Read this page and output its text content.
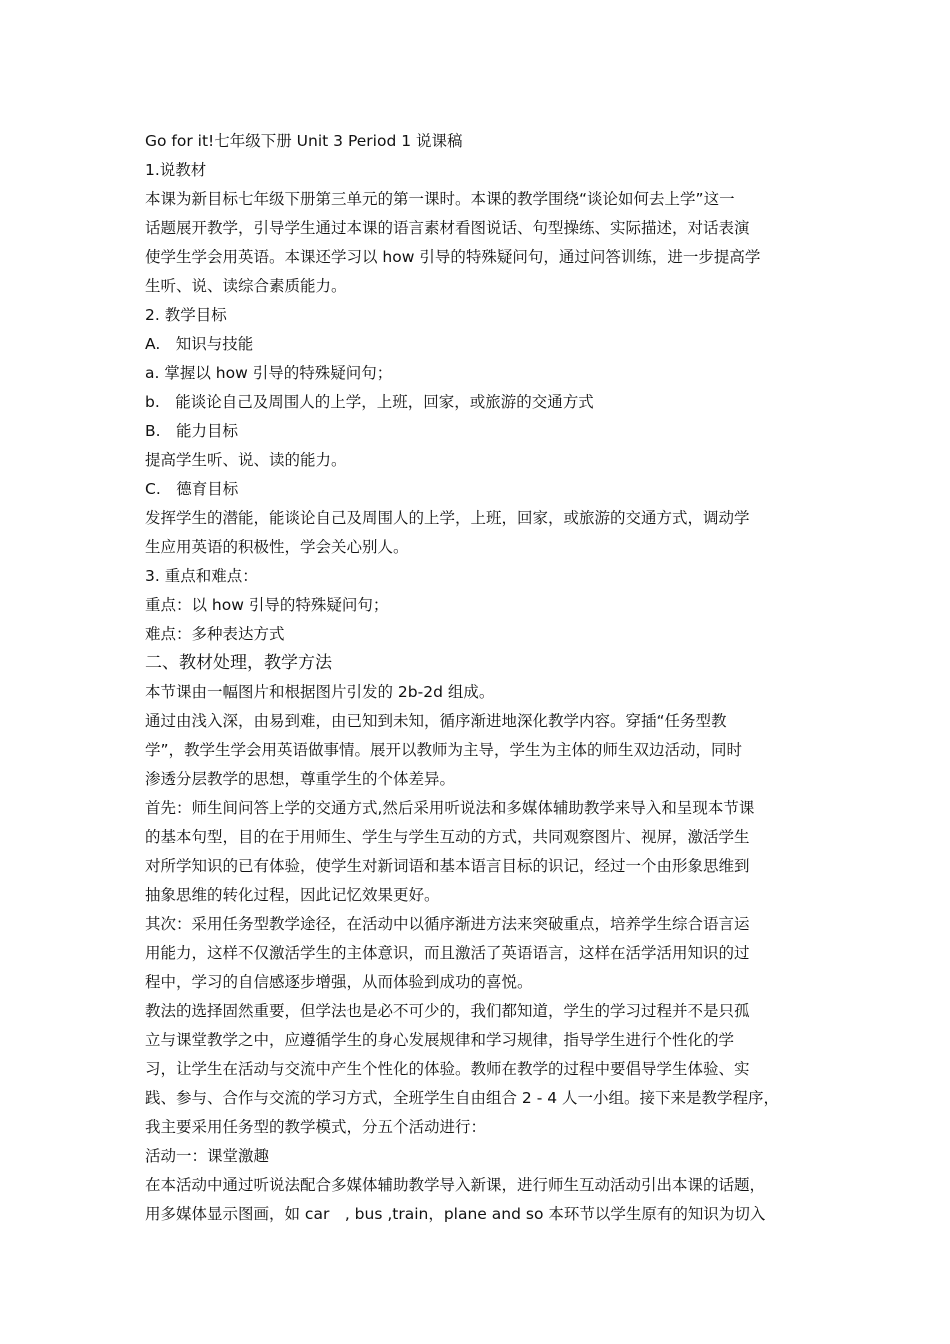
Go for it!七年级下册 Unit 3 Period 1 说课稿
1.说教材
本课为新目标七年级下册第三单元的第一课时。本课的教学围绕“谈论如何去上学”这一
话题展开教学，引导学生通过本课的语言素材看图说话、句型操练、实际描述，对话表演
使学生学会用英语。本课还学习以 how 引导的特殊疑问句，通过问答训练，进一步提高学
生听、说、读综合素质能力。
2. 教学目标
A.　知识与技能
a. 掌握以 how 引导的特殊疑问句；
b.　能谈论自己及周围人的上学，上班，回家，或旅游的交通方式
B.　能力目标
提高学生听、说、读的能力。
C.　德育目标
发挥学生的潜能，能谈论自己及周围人的上学，上班，回家，或旅游的交通方式，调动学
生应用英语的积极性，学会关心别人。
3. 重点和难点：
重点：以 how 引导的特殊疑问句；
难点：多种表达方式
二、教材处理，教学方法
本节课由一幅图片和根据图片引发的 2b-2d 组成。
通过由浅入深，由易到难，由已知到未知，循序渐进地深化教学内容。穿插“任务型教
学”，教学生学会用英语做事情。展开以教师为主导，学生为主体的师生双边活动，同时
渗透分层教学的思想，尊重学生的个体差异。
首先：师生间问答上学的交通方式,然后采用听说法和多媒体辅助教学来导入和呈现本节课
的基本句型，目的在于用师生、学生与学生互动的方式，共同观察图片、视屏，激活学生
对所学知识的已有体验，使学生对新词语和基本语言目标的识记，经过一个由形象思维到
抽象思维的转化过程，因此记忆效果更好。
其次：采用任务型教学途径，在活动中以循序渐进方法来突破重点，培养学生综合语言运
用能力，这样不仅激活学生的主体意识，而且激活了英语语言，这样在活学活用知识的过
程中，学习的自信感逐步增强，从而体验到成功的喜悦。
教法的选择固然重要，但学法也是必不可少的，我们都知道，学生的学习过程并不是只孤
立与课堂教学之中，应遵循学生的身心发展规律和学习规律，指导学生进行个性化的学
习，让学生在活动与交流中产生个性化的体验。教师在教学的过程中要倡导学生体验、实
践、参与、合作与交流的学习方式，全班学生自由组合 2 - 4 人一小组。接下来是教学程序，
我主要采用任务型的教学模式，分五个活动进行：
活动一：课堂激趣
在本活动中通过听说法配合多媒体辅助教学导入新课，进行师生互动活动引出本课的话题，
用多媒体显示图画，如 car　, bus ,train，plane and so 本环节以学生原有的知识为切入
